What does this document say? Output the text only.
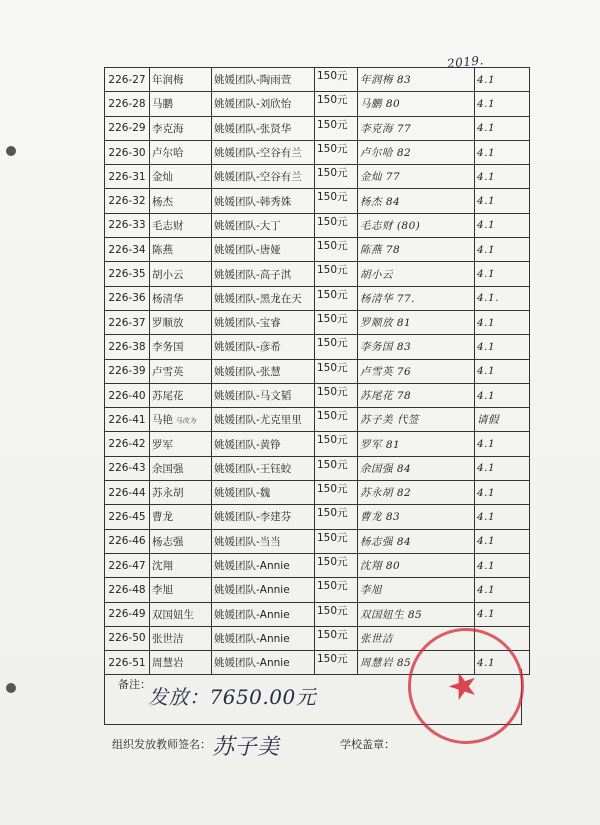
2019.
226-27	年润梅	姚媛团队-陶雨萱	150元	年润梅 83	4.1
226-28	马鹏	姚媛团队-刘欣怡	150元	马鹏 80	4.1
226-29	李克海	姚媛团队-张贤华	150元	李克海 77	4.1
226-30	卢尔哈	姚媛团队-空谷有兰	150元	卢尔哈 82	4.1
226-31	金灿	姚媛团队-空谷有兰	150元	金灿 77	4.1
226-32	杨杰	姚媛团队-韩秀姝	150元	杨杰 84	4.1
226-33	毛志财	姚媛团队-大丁	150元	毛志财 (80)	4.1
226-34	陈燕	姚媛团队-唐娅	150元	陈燕 78	4.1
226-35	胡小云	姚媛团队-高子淇	150元	胡小云	4.1
226-36	杨清华	姚媛团队-黑龙在天	150元	杨清华 77.	4.1.
226-37	罗顺放	姚媛团队-宝睿	150元	罗顺放 81	4.1
226-38	李务国	姚媛团队-彦希	150元	李务国 83	4.1
226-39	卢雪英	姚媛团队-张慧	150元	卢雪英 76	4.1
226-40	苏尾花	姚媛团队-马文韬	150元	苏尾花 78	4.1
226-41	马艳 马改为	姚媛团队-尤克里里	150元	苏子美 代签	请假
226-42	罗军	姚媛团队-黄铮	150元	罗军 81	4.1
226-43	余国强	姚媛团队-王钰蛟	150元	余国强 84	4.1
226-44	苏永胡	姚媛团队-魏	150元	苏永胡 82	4.1
226-45	曹龙	姚媛团队-李建芬	150元	曹龙 83	4.1
226-46	杨志强	姚媛团队-当当	150元	杨志强 84	4.1
226-47	沈翔	姚媛团队-Annie	150元	沈翔 80	4.1
226-48	李旭	姚媛团队-Annie	150元	李旭	4.1
226-49	双国妞生	姚媛团队-Annie	150元	双国妞生 85	4.1
226-50	张世洁	姚媛团队-Annie	150元	张世洁	
226-51	周慧岩	姚媛团队-Annie	150元	周慧岩 85	4.1
备注：
发放：7650.00元
组织发放教师签名： 苏子美	学校盖章：
★
